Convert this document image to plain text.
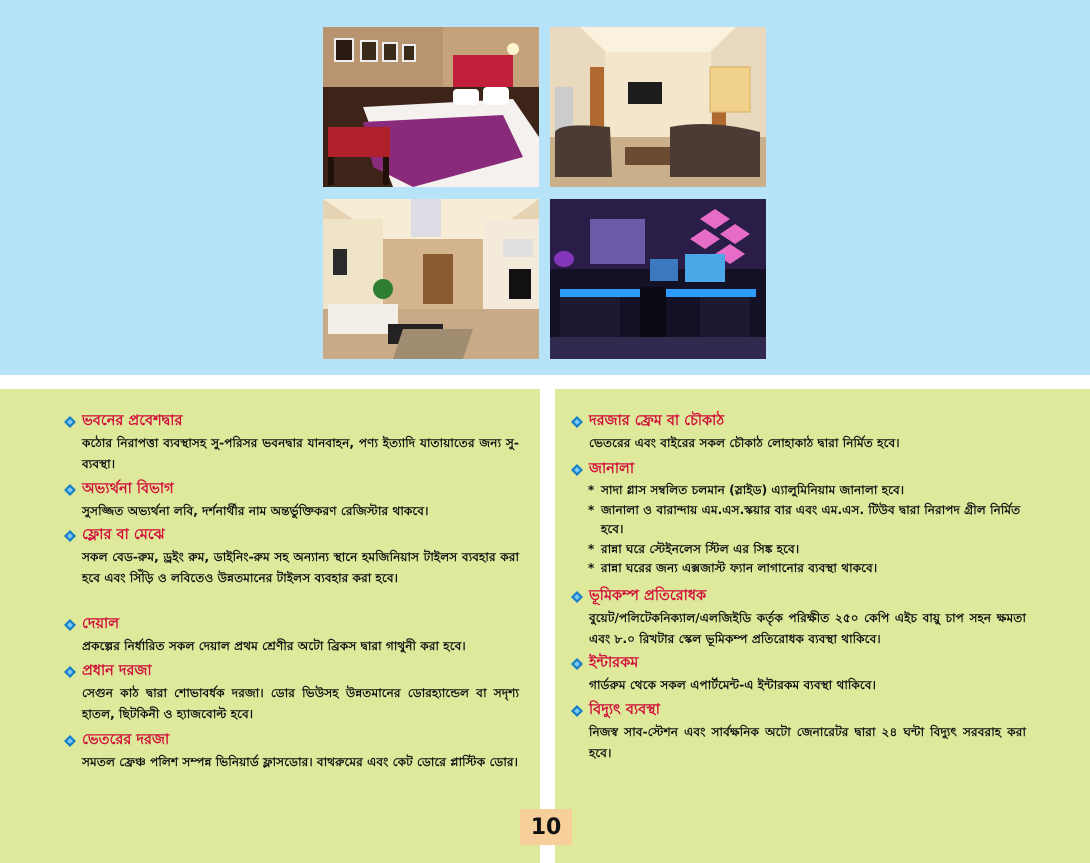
ভবনের প্রবেশদ্বার
কঠোর নিরাপত্তা ব্যবস্থাসহ সু-পরিসর ভবনদ্বার যানবাহন, পণ্য ইত্যাদি যাতায়াতের জন্য সু-ব্যবস্থা।
অভ্যর্থনা বিভাগ
সুসজ্জিত অভ্যর্থনা লবি, দর্শনার্থীর নাম অন্তর্ভুক্তিকরণ রেজিস্টার থাকবে।
ফ্লোর বা মেঝে
সকল বেড-রুম, ড্রইং রুম, ডাইনিং-রুম সহ অন্যান্য স্থানে হমজিনিয়াস টাইলস ব্যবহার করা হবে এবং সিঁড়ি ও লবিতেও উন্নতমানের টাইলস ব্যবহার করা হবে।
দেয়াল
প্রকল্পের নির্ধারিত সকল দেয়াল প্রথম শ্রেণীর অটো ব্রিকস দ্বারা গাথুনী করা হবে।
প্রধান দরজা
সেগুন কাঠ দ্বারা শোভাবর্ধক দরজা। ডোর ভিউসহ উন্নতমানের ডোরহ্যান্ডেল বা সদৃশ্য হাতল, ছিটকিনী ও হ্যাজবোল্ট হবে।
ভেতরের দরজা
সমতল ফ্রেঞ্চ পলিশ সম্পন্ন ভিনিয়ার্ড ফ্লাসডোর। বাথরুমের এবং কেট ডোরে প্লাস্টিক ডোর।
দরজার ফ্রেম বা চৌকাঠ
ভেতরের এবং বাইরের সকল চৌকাঠ লোহাকাঠ দ্বারা নির্মিত হবে।
জানালা
* সাদা গ্লাস সম্বলিত চলমান (স্লাইড) এ্যালুমিনিয়াম জানালা হবে।
* জানালা ও বারান্দায় এম.এস.স্কয়ার বার এবং এম.এস. টিউব দ্বারা নিরাপদ গ্রীল নির্মিত হবে।
* রান্না ঘরে স্টেইনলেস স্টিল এর সিঙ্ক হবে।
* রান্না ঘরের জন্য এক্সজাস্ট ফ্যান লাগানোর ব্যবস্থা থাকবে।
ভূমিকম্প প্রতিরোধক
বুয়েট/পলিটেকনিক্যাল/এলজিইডি কর্তৃক পরিক্ষীত ২৫০ কেপি এইচ বায়ু চাপ সহন ক্ষমতা এবং ৮.০ রিখটার স্কেল ভূমিকম্প প্রতিরোধক ব্যবস্থা থাকিবে।
ইন্টারকম
গার্ডরুম থেকে সকল এপার্টমেন্ট-এ ইন্টারকম ব্যবস্থা থাকিবে।
বিদ্যুৎ ব্যবস্থা
নিজস্ব সাব-স্টেশন এবং সার্বক্ষনিক অটো জেনারেটর দ্বারা ২৪ ঘন্টা বিদ্যুৎ সরবরাহ করা হবে।
10
